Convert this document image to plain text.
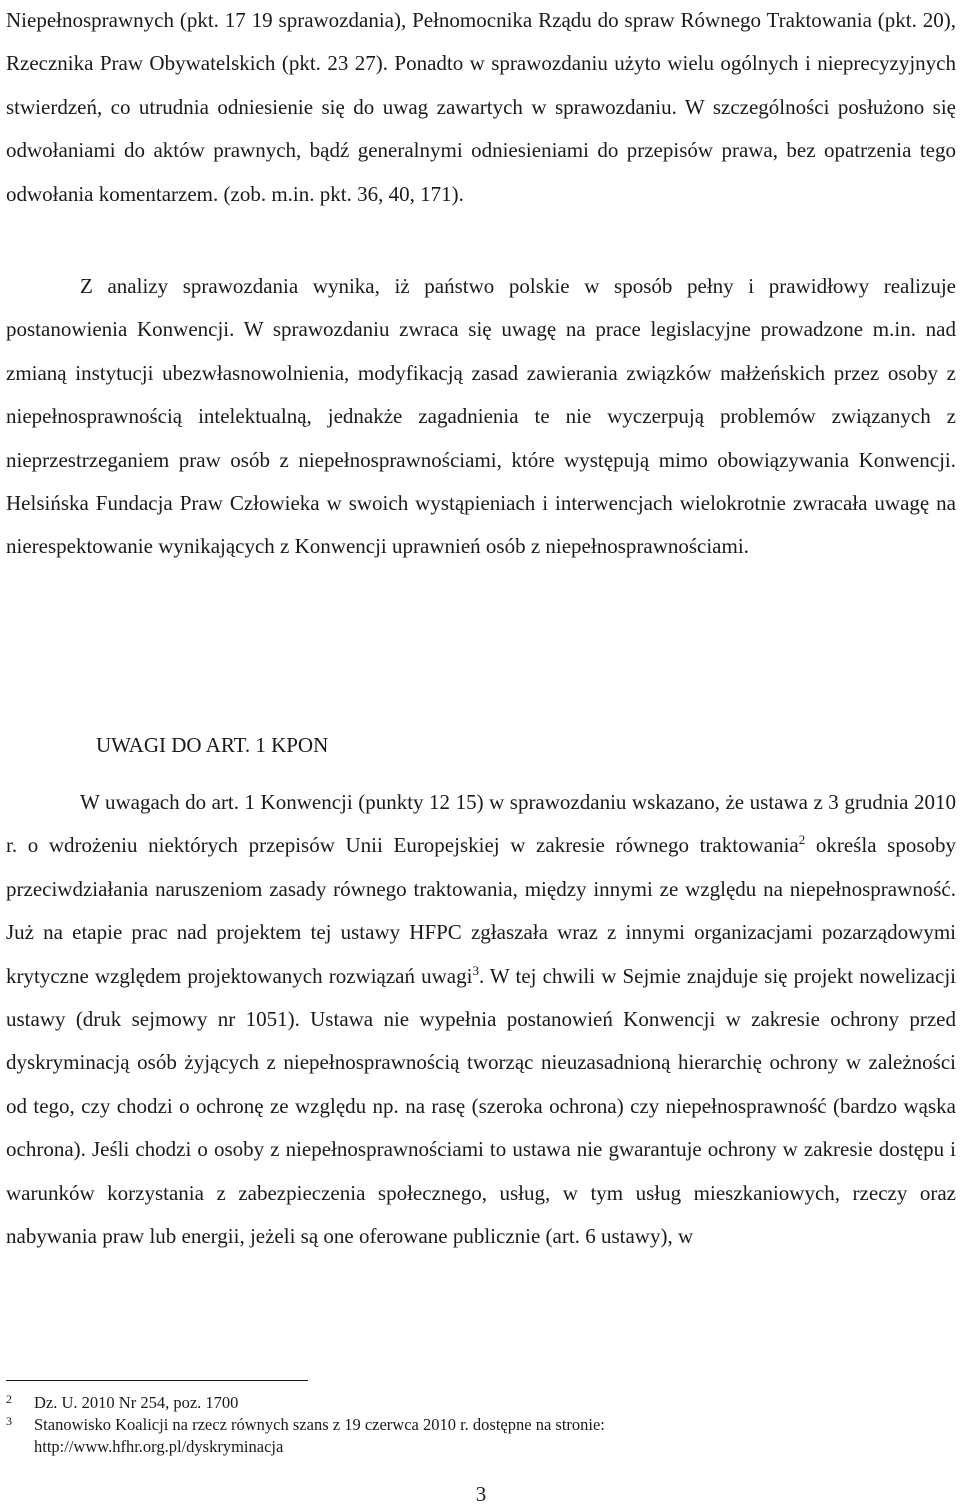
Niepełnosprawnych (pkt. 17 19 sprawozdania), Pełnomocnika Rządu do spraw Równego Traktowania (pkt. 20), Rzecznika Praw Obywatelskich (pkt. 23 27). Ponadto w sprawozdaniu użyto wielu ogólnych i nieprecyzyjnych stwierdzeń, co utrudnia odniesienie się do uwag zawartych w sprawozdaniu. W szczególności posłużono się odwołaniami do aktów prawnych, bądź generalnymi odniesieniami do przepisów prawa, bez opatrzenia tego odwołania komentarzem. (zob. m.in. pkt. 36, 40, 171).

Z analizy sprawozdania wynika, iż państwo polskie w sposób pełny i prawidłowy realizuje postanowienia Konwencji. W sprawozdaniu zwraca się uwagę na prace legislacyjne prowadzone m.in. nad zmianą instytucji ubezwłasnowolnienia, modyfikacją zasad zawierania związków małżeńskich przez osoby z niepełnosprawnością intelektualną, jednakże zagadnienia te nie wyczerpują problemów związanych z nieprzestrzeganiem praw osób z niepełnosprawnościami, które występują mimo obowiązywania Konwencji. Helsińska Fundacja Praw Człowieka w swoich wystąpieniach i interwencjach wielokrotnie zwracała uwagę na nierespektowanie wynikających z Konwencji uprawnień osób z niepełnosprawnościami.

UWAGI DO ART. 1 KPON

W uwagach do art. 1 Konwencji (punkty 12 15) w sprawozdaniu wskazano, że ustawa z 3 grudnia 2010 r. o wdrożeniu niektórych przepisów Unii Europejskiej w zakresie równego traktowania$^2$ określa sposoby przeciwdziałania naruszeniom zasady równego traktowania, między innymi ze względu na niepełnosprawność. Już na etapie prac nad projektem tej ustawy HFPC zgłaszała wraz z innymi organizacjami pozarządowymi krytyczne względem projektowanych rozwiązań uwagi$^3$. W tej chwili w Sejmie znajduje się projekt nowelizacji ustawy (druk sejmowy nr 1051). Ustawa nie wypełnia postanowień Konwencji w zakresie ochrony przed dyskryminacją osób żyjących z niepełnosprawnością tworząc nieuzasadnioną hierarchię ochrony w zależności od tego, czy chodzi o ochronę ze względu np. na rasę (szeroka ochrona) czy niepełnosprawność (bardzo wąska ochrona). Jeśli chodzi o osoby z niepełnosprawnościami to ustawa nie gwarantuje ochrony w zakresie dostępu i warunków korzystania z zabezpieczenia społecznego, usług, w tym usług mieszkaniowych, rzeczy oraz nabywania praw lub energii, jeżeli są one oferowane publicznie (art. 6 ustawy), w

2	Dz. U. 2010 Nr 254, poz. 1700
3	Stanowisko Koalicji na rzecz równych szans z 19 czerwca 2010 r. dostępne na stronie:
http://www.hfhr.org.pl/dyskryminacja
3
